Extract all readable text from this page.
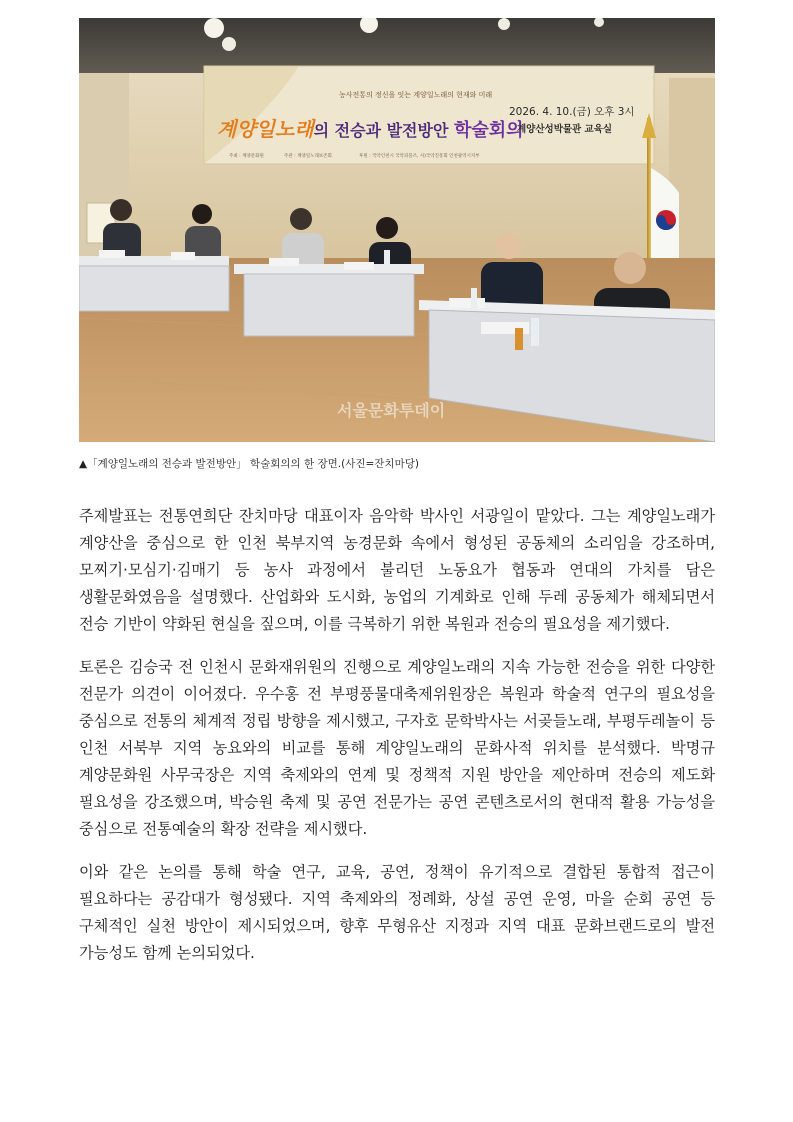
농사전통의 정신을 잇는 계양일노래의 현재와 미래
계양일노래의 전승과 발전방안 학술회의
2026. 4. 10.(금) 오후 3시
계양산성박물관 교육실
주최 : 계양문화원	주관 : 계양일노래보존회	후원 : 국악인천시 국악피플즈, 사)국악진흥회 인천광역시지부
서울문화투데이
▲「계양일노래의 전승과 발전방안」 학술회의의 한 장면.(사진=잔치마당)

주제발표는 전통연희단 잔치마당 대표이자 음악학 박사인 서광일이 맡았다. 그는 계양일노래가 계양산을 중심으로 한 인천 북부지역 농경문화 속에서 형성된 공동체의 소리임을 강조하며, 모찌기·모심기·김매기 등 농사 과정에서 불리던 노동요가 협동과 연대의 가치를 담은 생활문화였음을 설명했다. 산업화와 도시화, 농업의 기계화로 인해 두레 공동체가 해체되면서 전승 기반이 약화된 현실을 짚으며, 이를 극복하기 위한 복원과 전승의 필요성을 제기했다.

토론은 김승국 전 인천시 문화재위원의 진행으로 계양일노래의 지속 가능한 전승을 위한 다양한 전문가 의견이 이어졌다. 우수홍 전 부평풍물대축제위원장은 복원과 학술적 연구의 필요성을 중심으로 전통의 체계적 정립 방향을 제시했고, 구자호 문학박사는 서곶들노래, 부평두레놀이 등 인천 서북부 지역 농요와의 비교를 통해 계양일노래의 문화사적 위치를 분석했다. 박명규 계양문화원 사무국장은 지역 축제와의 연계 및 정책적 지원 방안을 제안하며 전승의 제도화 필요성을 강조했으며, 박승원 축제 및 공연 전문가는 공연 콘텐츠로서의 현대적 활용 가능성을 중심으로 전통예술의 확장 전략을 제시했다.

이와 같은 논의를 통해 학술 연구, 교육, 공연, 정책이 유기적으로 결합된 통합적 접근이 필요하다는 공감대가 형성됐다. 지역 축제와의 정례화, 상설 공연 운영, 마을 순회 공연 등 구체적인 실천 방안이 제시되었으며, 향후 무형유산 지정과 지역 대표 문화브랜드로의 발전 가능성도 함께 논의되었다.
